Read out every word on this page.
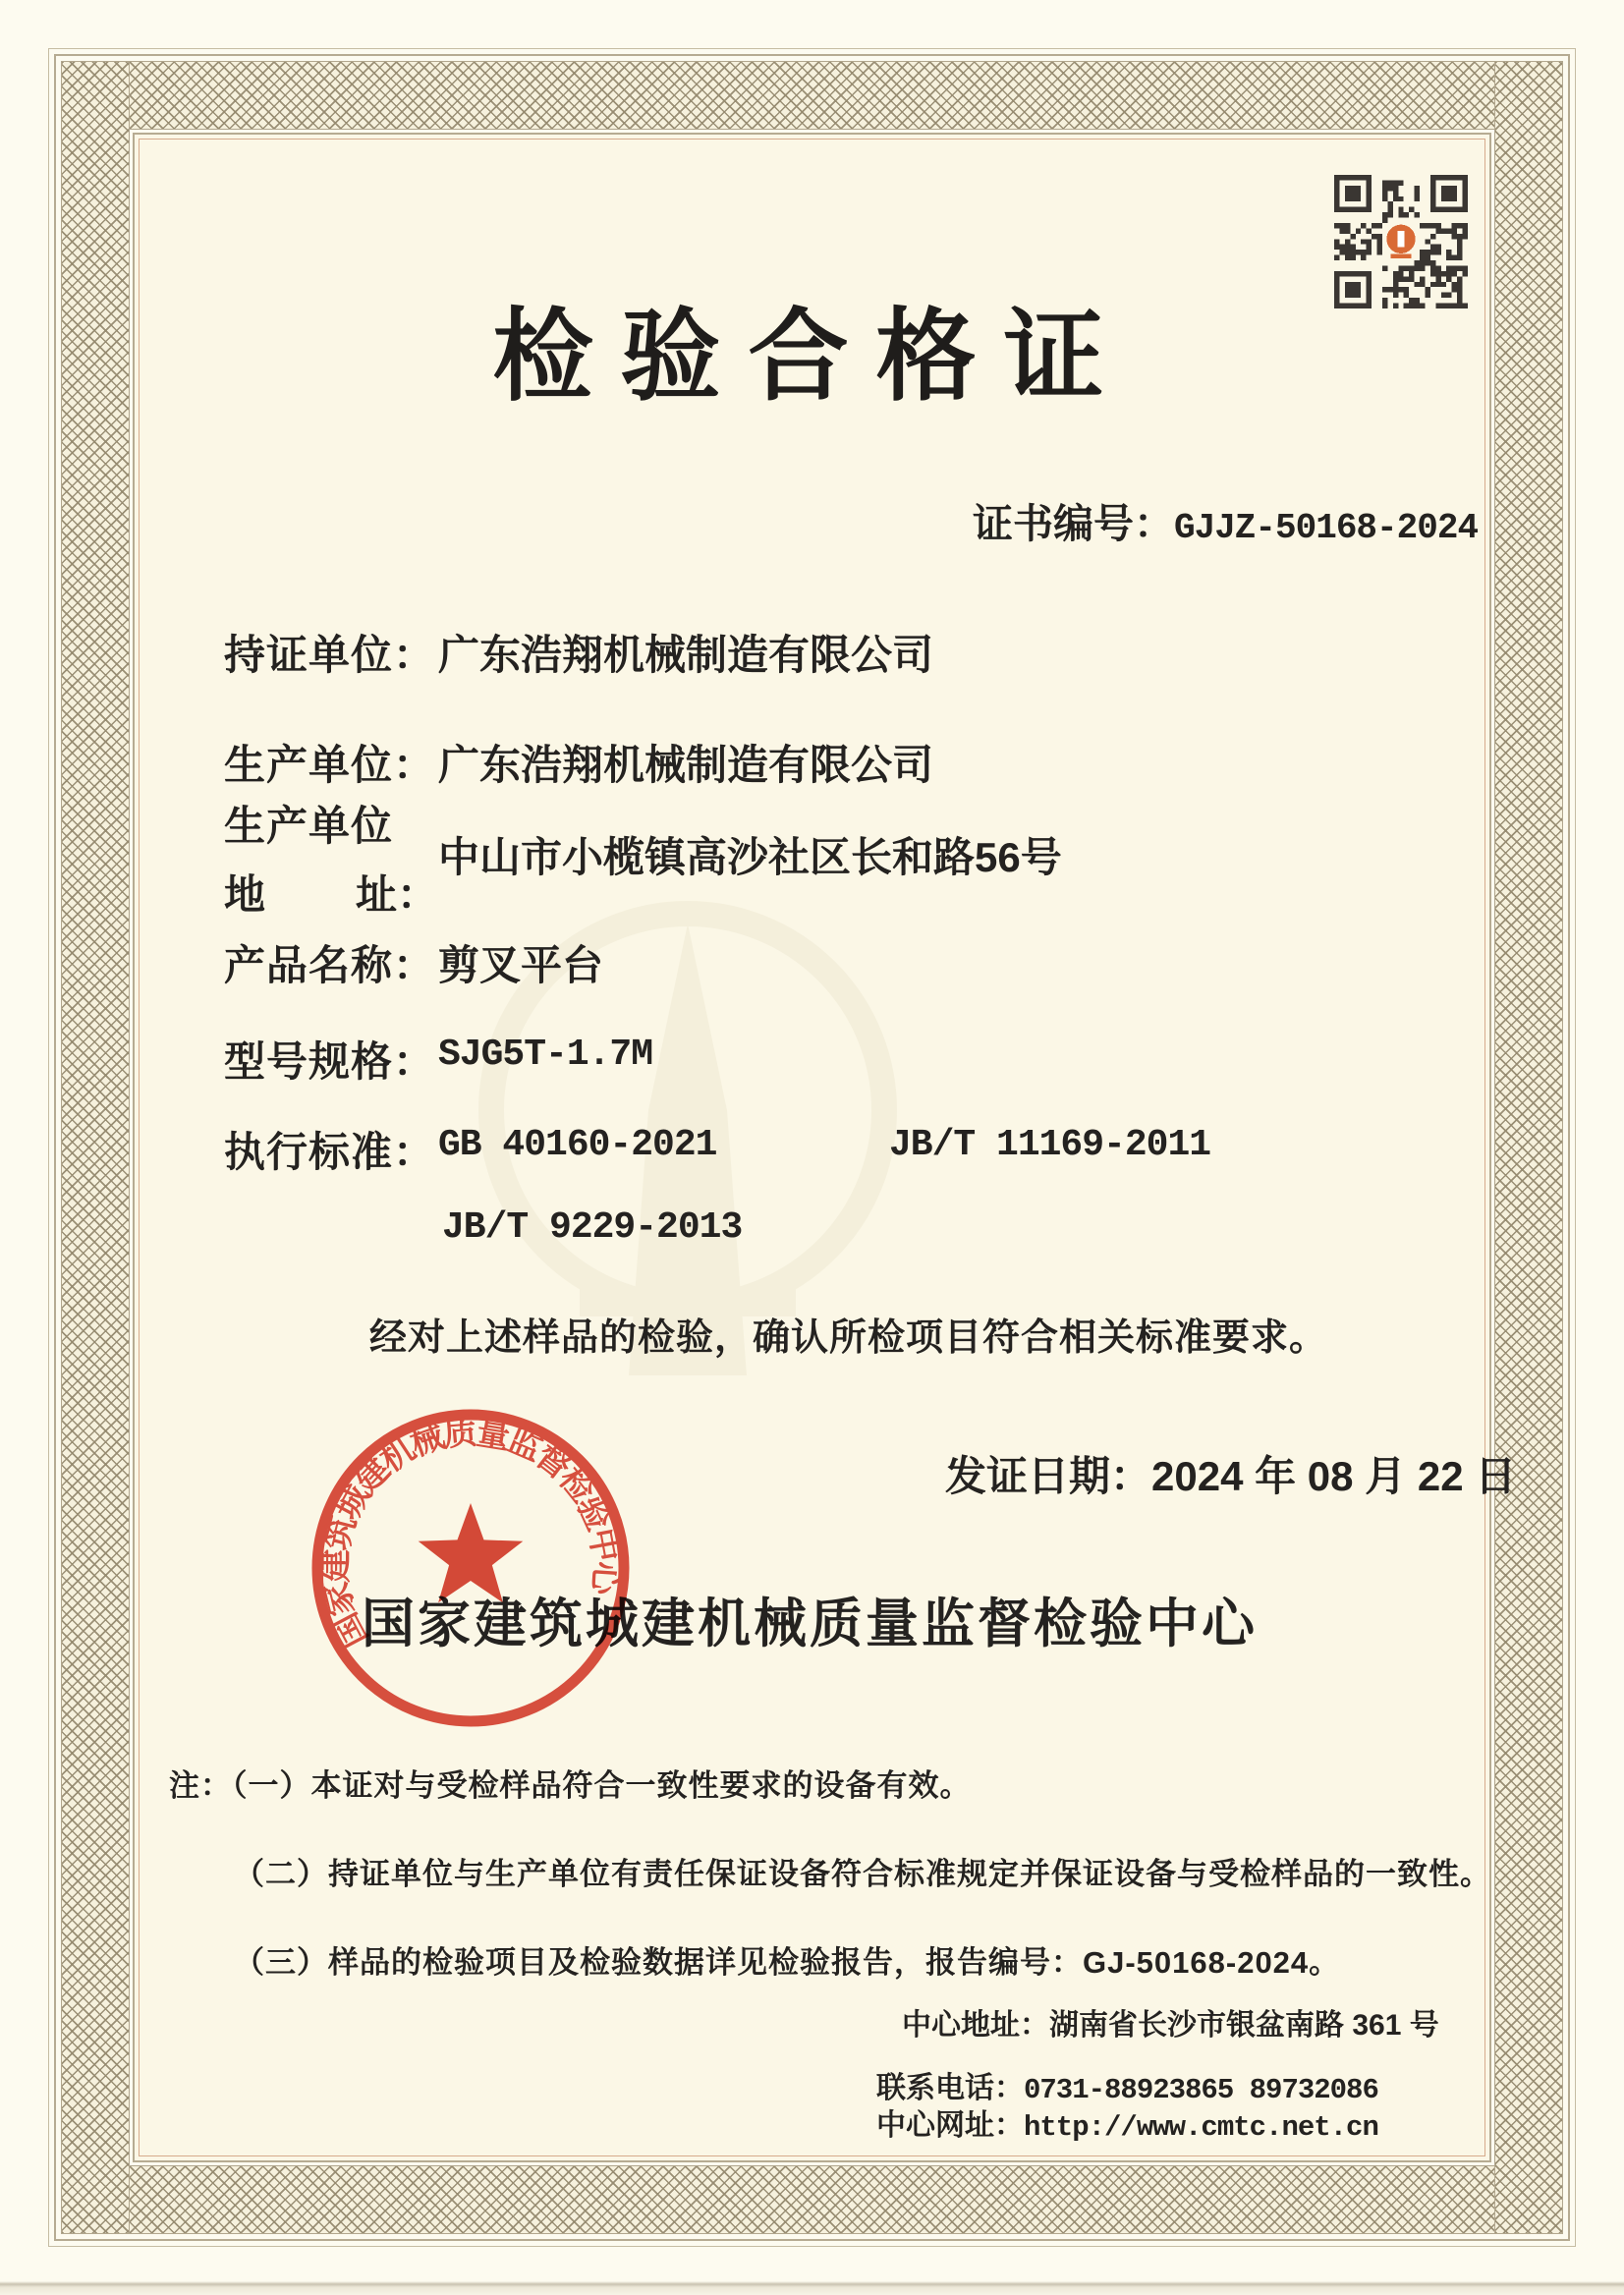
检验合格证
证书编号：GJJZ-50168-2024
持证单位： 广东浩翔机械制造有限公司
生产单位： 广东浩翔机械制造有限公司
生产单位
地 址：
中山市小榄镇高沙社区长和路56号
产品名称： 剪叉平台
型号规格： SJG5T-1.7M
执行标准： GB 40160-2021	JB/T 11169-2011
JB/T 9229-2013
经对上述样品的检验，确认所检项目符合相关标准要求。
发证日期：2024 年 08 月 22 日
国家建筑城建机械质量监督检验中心
国家建筑城建机械质量监督检验中心
注：（一）本证对与受检样品符合一致性要求的设备有效。
（二）持证单位与生产单位有责任保证设备符合标准规定并保证设备与受检样品的一致性。
（三）样品的检验项目及检验数据详见检验报告，报告编号：GJ-50168-2024。
中心地址：湖南省长沙市银盆南路 361 号
联系电话：0731-88923865 89732086
中心网址：http://www.cmtc.net.cn
